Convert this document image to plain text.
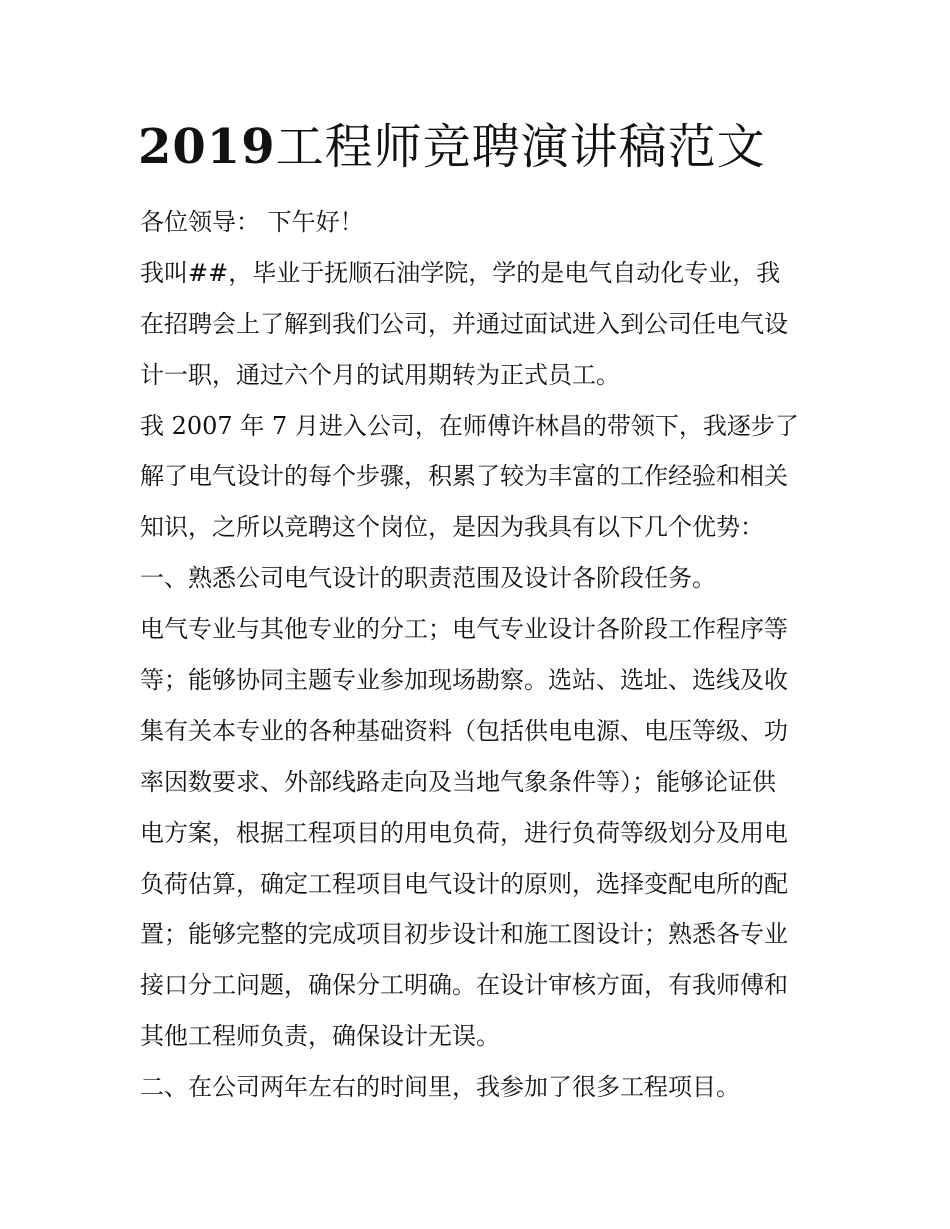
2019工程师竞聘演讲稿范文
各位领导： 下午好！
我叫##，毕业于抚顺石油学院，学的是电气自动化专业，我
在招聘会上了解到我们公司，并通过面试进入到公司任电气设
计一职，通过六个月的试用期转为正式员工。
我 2007 年 7 月进入公司，在师傅许林昌的带领下，我逐步了
解了电气设计的每个步骤，积累了较为丰富的工作经验和相关
知识，之所以竞聘这个岗位，是因为我具有以下几个优势：
一、熟悉公司电气设计的职责范围及设计各阶段任务。
电气专业与其他专业的分工；电气专业设计各阶段工作程序等
等；能够协同主题专业参加现场勘察。选站、选址、选线及收
集有关本专业的各种基础资料（包括供电电源、电压等级、功
率因数要求、外部线路走向及当地气象条件等）；能够论证供
电方案，根据工程项目的用电负荷，进行负荷等级划分及用电
负荷估算，确定工程项目电气设计的原则，选择变配电所的配
置；能够完整的完成项目初步设计和施工图设计；熟悉各专业
接口分工问题，确保分工明确。在设计审核方面，有我师傅和
其他工程师负责，确保设计无误。
二、在公司两年左右的时间里，我参加了很多工程项目。
